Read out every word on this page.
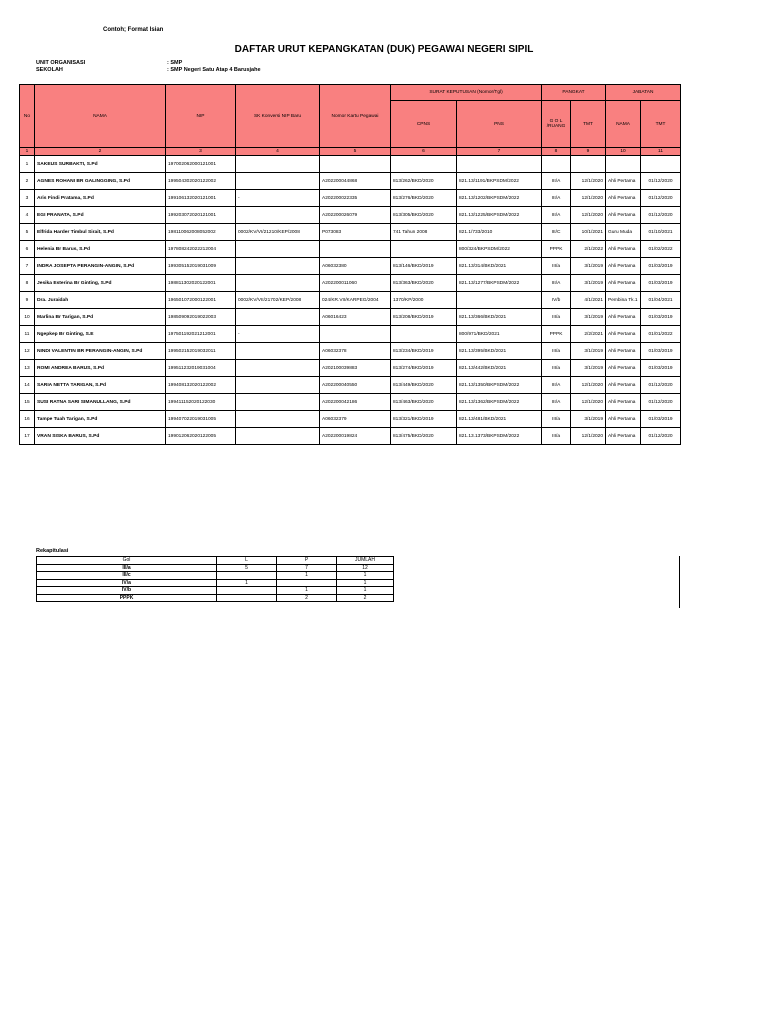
Contoh; Format Isian
DAFTAR URUT KEPANGKATAN (DUK) PEGAWAI NEGERI SIPIL
UNIT ORGANISASI	: SMP
SEKOLAH	: SMP Negeri Satu Atap 4 Barusjahe
No	NAMA	NIP	SK Konversi NIP Baru	Nomor Kartu Pegawai	SURAT KEPUTUSAN (Nomor/Tgl)		PANGKAT		JABATAN	
					CPNS	PNS	G O L /RUANG	TMT	NAMA	TMT
1	2	3	4	5	6	7	8	9	10	11
1	SAKEUS SURBAKTI, S.Pd	197002062000121001								
2	AGNES ROHANI BR GALINGGING, S.Pd	199504302020122002		A202200044868	813/262/BKD/2020	821.13/1191/BKPSDM/2022	III/A	12/1/2020	Ahli Pertama	01/12/2020
3	Aris Findi Pratama, S.Pd	199106132020121001	-	A202200022335	813/276/BKD/2020	821.13/1202/BKPSDM/2022	III/A	12/1/2020	Ahli Pertama	01/12/2020
4	EGI PRANATA, S.Pd	199203072020121001		A202200026079	813/305/BKD/2020	821.13/1225/BKPSDM/2022	III/A	12/1/2020	Ahli Pertama	01/12/2020
5	Elfrida Harder Timbul Sirait, S.Pd	198110062008052002	0002/KV/VI/21210/KEP/2008	P073083	741 Tahun 2008	821.1/733/2010	III/C	10/1/2021	Guru Muda	01/10/2021
6	Helenia Br Barus, S.Pd	197808242022212004				800/324/BKPSDM/2022	PPPK	2/1/2022	Ahli Pertama	01/02/2022
7	INDRA JOSEPTA PERANGIN-ANGIN, S.Pd	199305152019031009		A06032380	813/146/BKD/2019	821.13/314/BKD/2021	III/a	3/1/2019	Ahli Pertama	01/03/2019
8	Jesika Esterina Br Ginting, S.Pd	198811302020122001		A202200011060	813/363/BKD/2020	821.13/1277/BKPSDM/2022	III/A	3/1/2019	Ahli Pertama	01/03/2019
9	Dra. Juraidah	196501072000122001	0002/KV/VII/21702/KEP/2008	024/KR.VII/KARPEG/2004	1370/KP/2000		IV/b	4/1/2021	Pembina Tk.1	01/04/2021
10	Marlina Br Tarigan, S.Pd	198509092019022003		A06016423	813/208/BKD/2019	821.13/366/BKD/2021	III/a	3/1/2019	Ahli Pertama	01/03/2019
11	Ngepkep Br Ginting, S.E	197501192021212001	-			800/971/BKD/2021	PPPK	2/2/2021	Ahli Pertama	01/01/2022
12	NINDI VALENTIN BR PERANGIN-ANGIN, S.Pd	199502152019032011		A06032378	813/234/BKD/2019	821.13/395/BKD/2021	III/a	3/1/2019	Ahli Pertama	01/03/2019
13	ROMI ANDREA BARUS, S.Pd	199511232019031004		A202100039883	813/274/BKD/2019	821.13/442/BKD/2021	III/a	3/1/2019	Ahli Pertama	01/03/2019
14	SARIA NETTA TARIGAN, S.Pd	199408132020122002		A202200040550	813/449/BKD/2020	821.13/1350/BKPSDM/2022	III/A	12/1/2020	Ahli Pertama	01/12/2020
15	SUSI RATNA SARI SIMANULLANG, S.Pd	199411152020122030		A202200042186	813/463/BKD/2020	821.13/1362/BKPSDM/2022	III/A	12/1/2020	Ahli Pertama	01/12/2020
16	Tampe Tuah Tarigan, S.Pd	199407022019031005		A06032379	813/321/BKD/2019	821.13/481/BKD/2021	III/a	3/1/2019	Ahli Pertama	01/03/2019
17	VRAN SISKA BARUS, S.Pd	199012062020122005		A202200019824	813/475/BKD/2020	821.13.1373/BKPSDM/2022	III/a	12/1/2020	Ahli Pertama	01/12/2020
Rekapitulasi
Gol	L	P	JUMLAH
III/a	5	7	12
III/c		1	1
IV/a	1		1
IV/b		1	1
PPPK		2	2
